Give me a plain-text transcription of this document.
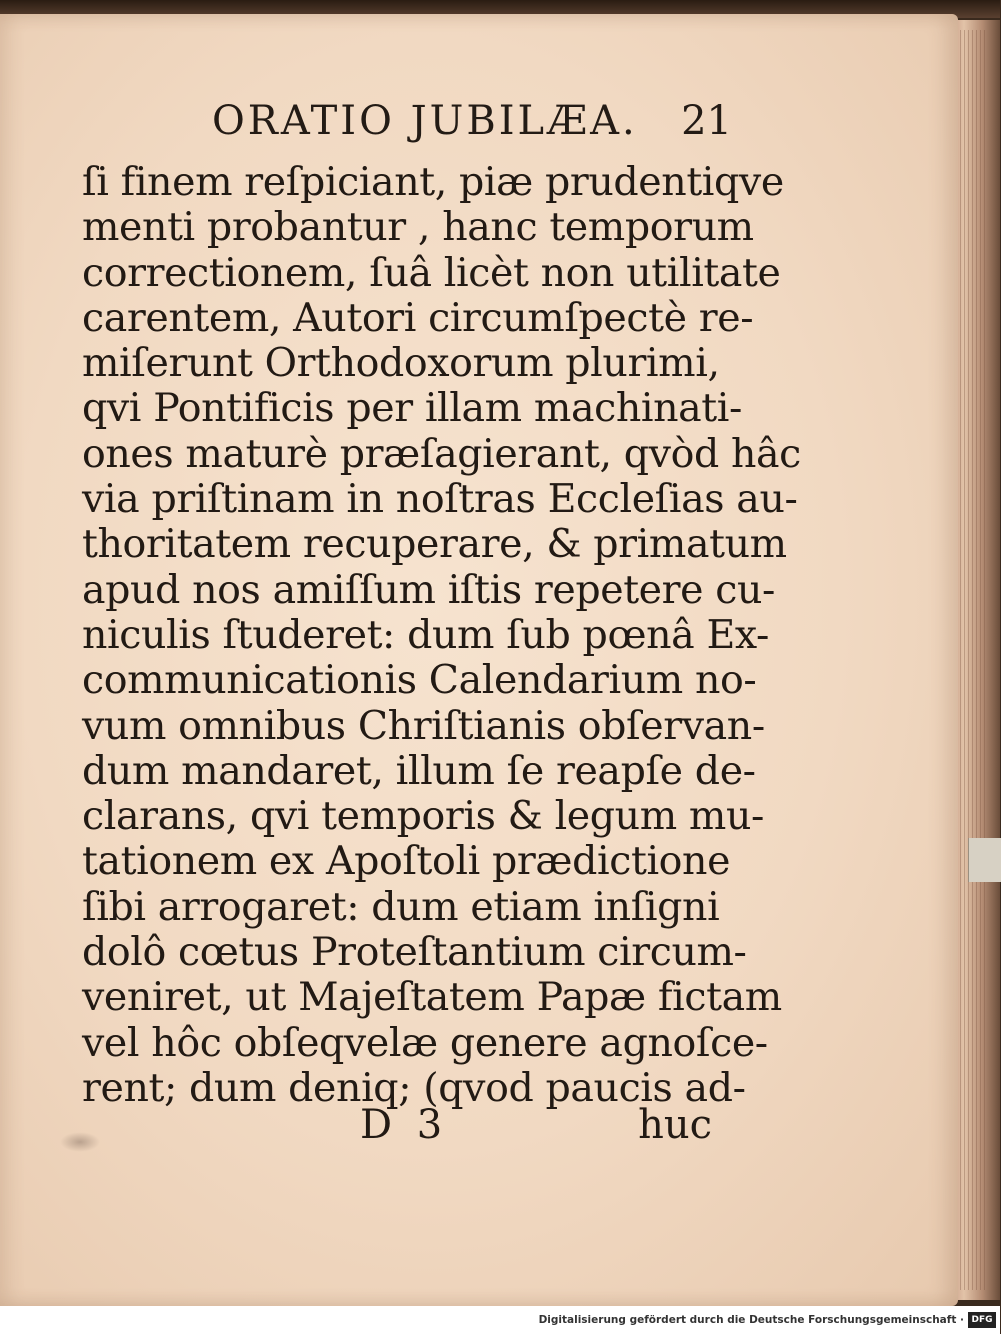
ORATIO JUBILÆA. 21
ſi finem reſpiciant, piæ prudentiqve
menti probantur , hanc temporum
correctionem, ſuâ licèt non utilitate
carentem, Autori circumſpectè re-
miſerunt Orthodoxorum plurimi,
qvi Pontificis per illam machinati-
ones maturè præſagierant, qvòd hâc
via priſtinam in noſtras Eccleſias au-
thoritatem recuperare, & primatum
apud nos amiſſum iſtis repetere cu-
niculis ſtuderet: dum ſub pœnâ Ex-
communicationis Calendarium no-
vum omnibus Chriſtianis obſervan-
dum mandaret, illum ſe reapſe de-
clarans, qvi temporis & legum mu-
tationem ex Apoſtoli prædictione
ſibi arrogaret: dum etiam inſigni
dolô cœtus Proteſtantium circum-
veniret, ut Majeſtatem Papæ fictam
vel hôc obſeqvelæ genere agnoſce-
rent; dum deniq; (qvod paucis ad-
D 3	huc
Digitalisierung gefördert durch die Deutsche Forschungsgemeinschaft · DFG
